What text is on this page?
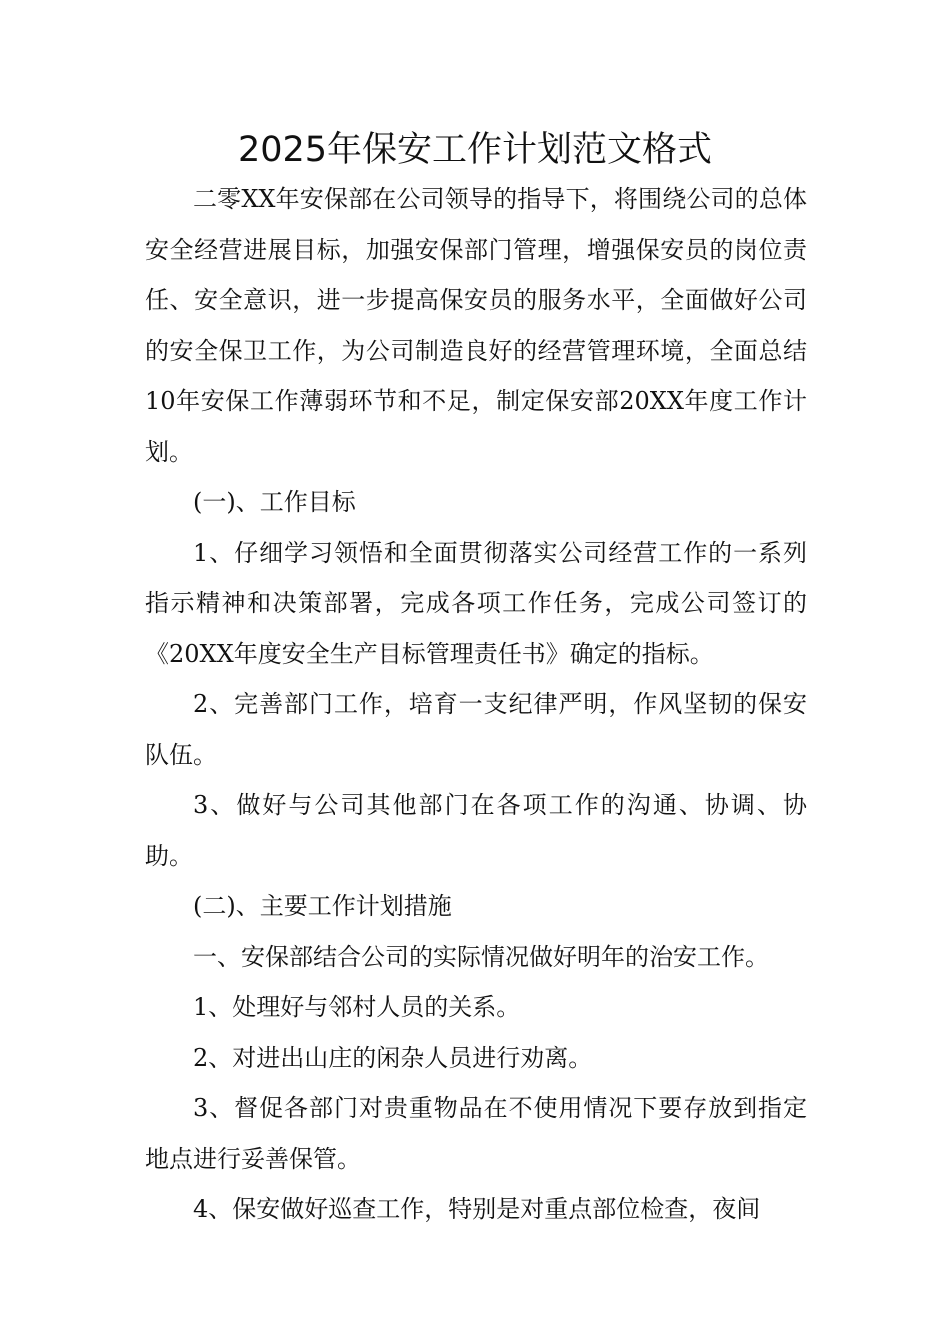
2025年保安工作计划范文格式

二零XX年安保部在公司领导的指导下，将围绕公司的总体安全经营进展目标，加强安保部门管理，增强保安员的岗位责任、安全意识，进一步提高保安员的服务水平，全面做好公司的安全保卫工作，为公司制造良好的经营管理环境，全面总结10年安保工作薄弱环节和不足，制定保安部20XX年度工作计划。

(一)、工作目标

1、仔细学习领悟和全面贯彻落实公司经营工作的一系列指示精神和决策部署，完成各项工作任务，完成公司签订的《20XX年度安全生产目标管理责任书》确定的指标。

2、完善部门工作，培育一支纪律严明，作风坚韧的保安队伍。

3、做好与公司其他部门在各项工作的沟通、协调、协助。

(二)、主要工作计划措施

一、安保部结合公司的实际情况做好明年的治安工作。

1、处理好与邻村人员的关系。

2、对进出山庄的闲杂人员进行劝离。

3、督促各部门对贵重物品在不使用情况下要存放到指定地点进行妥善保管。

4、保安做好巡查工作，特别是对重点部位检查，夜间
